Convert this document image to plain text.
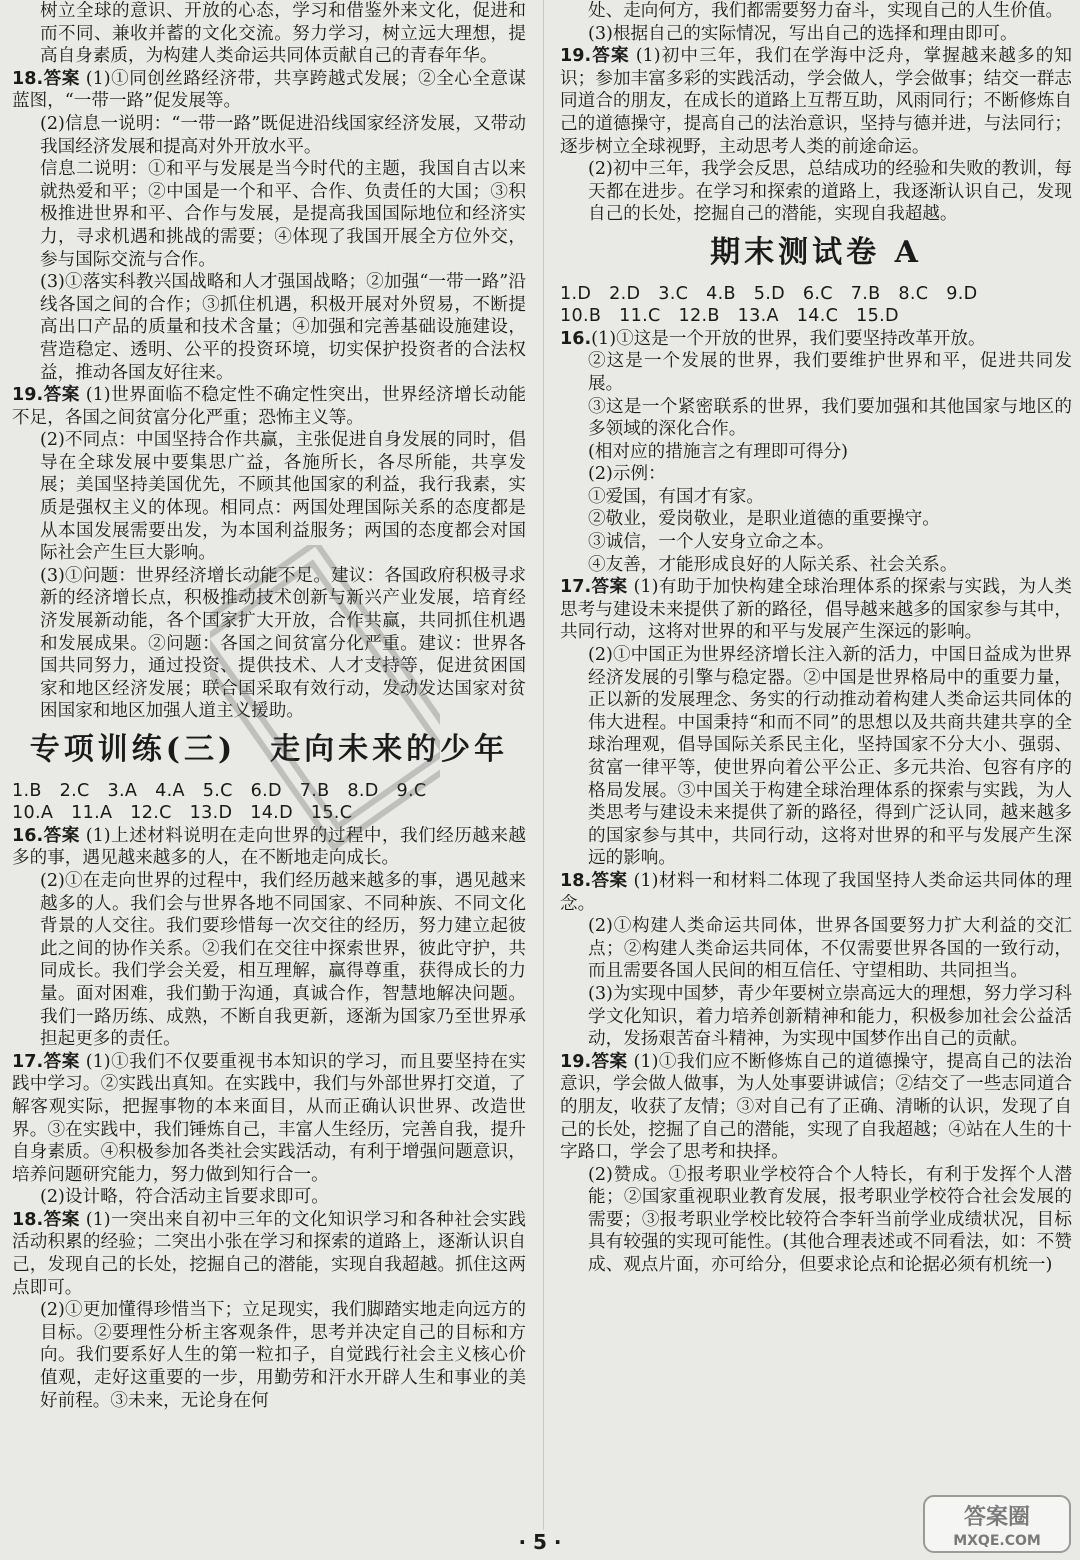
树立全球的意识、开放的心态，学习和借鉴外来文化，促进和而不同、兼收并蓄的文化交流。努力学习，树立远大理想，提高自身素质，为构建人类命运共同体贡献自己的青春年华。

18.答案 (1)①同创丝路经济带，共享跨越式发展；②全心全意谋蓝图，“一带一路”促发展等。

(2)信息一说明：“一带一路”既促进沿线国家经济发展，又带动我国经济发展和提高对外开放水平。

信息二说明：①和平与发展是当今时代的主题，我国自古以来就热爱和平；②中国是一个和平、合作、负责任的大国；③积极推进世界和平、合作与发展，是提高我国国际地位和经济实力，寻求机遇和挑战的需要；④体现了我国开展全方位外交，参与国际交流与合作。

(3)①落实科教兴国战略和人才强国战略；②加强“一带一路”沿线各国之间的合作；③抓住机遇，积极开展对外贸易，不断提高出口产品的质量和技术含量；④加强和完善基础设施建设，营造稳定、透明、公平的投资环境，切实保护投资者的合法权益，推动各国友好往来。

19.答案 (1)世界面临不稳定性不确定性突出，世界经济增长动能不足，各国之间贫富分化严重；恐怖主义等。

(2)不同点：中国坚持合作共赢，主张促进自身发展的同时，倡导在全球发展中要集思广益，各施所长，各尽所能，共享发展；美国坚持美国优先，不顾其他国家的利益，我行我素，实质是强权主义的体现。相同点：两国处理国际关系的态度都是从本国发展需要出发，为本国利益服务；两国的态度都会对国际社会产生巨大影响。

(3)①问题：世界经济增长动能不足。建议：各国政府积极寻求新的经济增长点，积极推动技术创新与新兴产业发展，培育经济发展新动能，各个国家扩大开放，合作共赢，共同抓住机遇和发展成果。②问题：各国之间贫富分化严重。建议：世界各国共同努力，通过投资、提供技术、人才支持等，促进贫困国家和地区经济发展；联合国采取有效行动，发动发达国家对贫困国家和地区加强人道主义援助。

专项训练(三)　走向未来的少年

1.B　2.C　3.A　4.A　5.C　6.D　7.B　8.D　9.C

10.A　11.A　12.C　13.D　14.D　15.C

16.答案 (1)上述材料说明在走向世界的过程中，我们经历越来越多的事，遇见越来越多的人，在不断地走向成长。

(2)①在走向世界的过程中，我们经历越来越多的事，遇见越来越多的人。我们会与世界各地不同国家、不同种族、不同文化背景的人交往。我们要珍惜每一次交往的经历，努力建立起彼此之间的协作关系。②我们在交往中探索世界，彼此守护，共同成长。我们学会关爱，相互理解，赢得尊重，获得成长的力量。面对困难，我们勤于沟通，真诚合作，智慧地解决问题。我们一路历练、成熟，不断自我更新，逐渐为国家乃至世界承担起更多的责任。

17.答案 (1)①我们不仅要重视书本知识的学习，而且要坚持在实践中学习。②实践出真知。在实践中，我们与外部世界打交道，了解客观实际，把握事物的本来面目，从而正确认识世界、改造世界。③在实践中，我们锤炼自己，丰富人生经历，完善自我，提升自身素质。④积极参加各类社会实践活动，有利于增强问题意识，培养问题研究能力，努力做到知行合一。

(2)设计略，符合活动主旨要求即可。

18.答案 (1)一突出来自初中三年的文化知识学习和各种社会实践活动积累的经验；二突出小张在学习和探索的道路上，逐渐认识自己，发现自己的长处，挖掘自己的潜能，实现自我超越。抓住这两点即可。

(2)①更加懂得珍惜当下；立足现实，我们脚踏实地走向远方的目标。②要理性分析主客观条件，思考并决定自己的目标和方向。我们要系好人生的第一粒扣子，自觉践行社会主义核心价值观，走好这重要的一步，用勤劳和汗水开辟人生和事业的美好前程。③未来，无论身在何

处、走向何方，我们都需要努力奋斗，实现自己的人生价值。

(3)根据自己的实际情况，写出自己的选择和理由即可。

19.答案 (1)初中三年，我们在学海中泛舟，掌握越来越多的知识；参加丰富多彩的实践活动，学会做人，学会做事；结交一群志同道合的朋友，在成长的道路上互帮互助，风雨同行；不断修炼自己的道德操守，提高自己的法治意识，坚持与德并进，与法同行；逐步树立全球视野，主动思考人类的前途命运。

(2)初中三年，我学会反思，总结成功的经验和失败的教训，每天都在进步。在学习和探索的道路上，我逐渐认识自己，发现自己的长处，挖掘自己的潜能，实现自我超越。

期末测试卷 A

1.D　2.D　3.C　4.B　5.D　6.C　7.B　8.C　9.D

10.B　11.C　12.B　13.A　14.C　15.D

16.(1)①这是一个开放的世界，我们要坚持改革开放。

②这是一个发展的世界，我们要维护世界和平，促进共同发展。

③这是一个紧密联系的世界，我们要加强和其他国家与地区的多领域的深化合作。

(相对应的措施言之有理即可得分)

(2)示例：

①爱国，有国才有家。

②敬业，爱岗敬业，是职业道德的重要操守。

③诚信，一个人安身立命之本。

④友善，才能形成良好的人际关系、社会关系。

17.答案 (1)有助于加快构建全球治理体系的探索与实践，为人类思考与建设未来提供了新的路径，倡导越来越多的国家参与其中，共同行动，这将对世界的和平与发展产生深远的影响。

(2)①中国正为世界经济增长注入新的活力，中国日益成为世界经济发展的引擎与稳定器。②中国是世界格局中的重要力量，正以新的发展理念、务实的行动推动着构建人类命运共同体的伟大进程。中国秉持“和而不同”的思想以及共商共建共享的全球治理观，倡导国际关系民主化，坚持国家不分大小、强弱、贫富一律平等，使世界向着公平公正、多元共治、包容有序的格局发展。③中国关于构建全球治理体系的探索与实践，为人类思考与建设未来提供了新的路径，得到广泛认同，越来越多的国家参与其中，共同行动，这将对世界的和平与发展产生深远的影响。

18.答案 (1)材料一和材料二体现了我国坚持人类命运共同体的理念。

(2)①构建人类命运共同体，世界各国要努力扩大利益的交汇点；②构建人类命运共同体，不仅需要世界各国的一致行动，而且需要各国人民间的相互信任、守望相助、共同担当。

(3)为实现中国梦，青少年要树立崇高远大的理想，努力学习科学文化知识，着力培养创新精神和能力，积极参加社会公益活动，发扬艰苦奋斗精神，为实现中国梦作出自己的贡献。

19.答案 (1)①我们应不断修炼自己的道德操守，提高自己的法治意识，学会做人做事，为人处事要讲诚信；②结交了一些志同道合的朋友，收获了友情；③对自己有了正确、清晰的认识，发现了自己的长处，挖掘了自己的潜能，实现了自我超越；④站在人生的十字路口，学会了思考和抉择。

(2)赞成。①报考职业学校符合个人特长，有利于发挥个人潜能；②国家重视职业教育发展，报考职业学校符合社会发展的需要；③报考职业学校比较符合李轩当前学业成绩状况，目标具有较强的实现可能性。(其他合理表述或不同看法，如：不赞成、观点片面，亦可给分，但要求论点和论据必须有机统一)

· 5 ·
答案圈
MXQE.COM
